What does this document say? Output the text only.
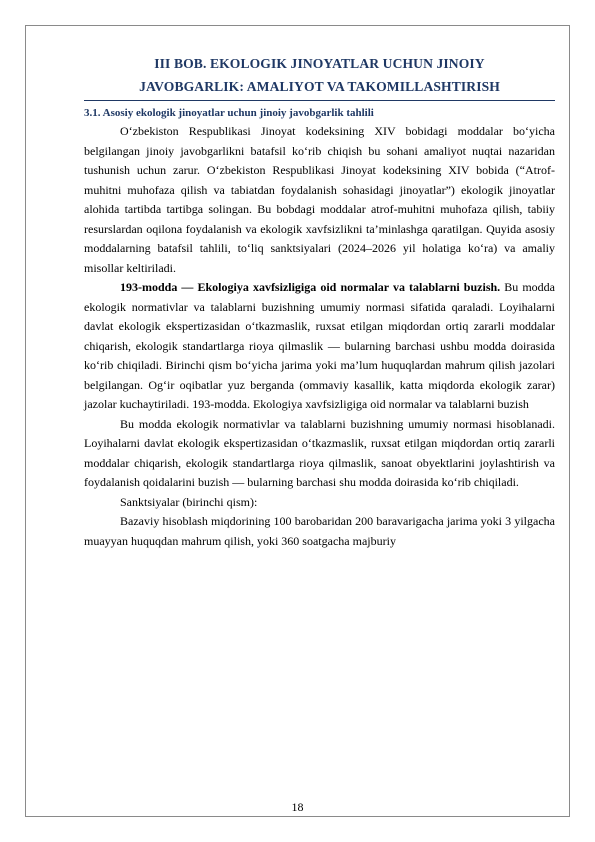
III BOB. EKOLOGIK JINOYATLAR UCHUN JINOIY
JAVOBGARLIK: AMALIYOT VA TAKOMILLASHTIRISH
3.1. Asosiy ekologik jinoyatlar uchun jinoiy javobgarlik tahlili

O‘zbekiston Respublikasi Jinoyat kodeksining XIV bobidagi moddalar bo‘yicha belgilangan jinoiy javobgarlikni batafsil ko‘rib chiqish bu sohani amaliyot nuqtai nazaridan tushunish uchun zarur. O‘zbekiston Respublikasi Jinoyat kodeksining XIV bobida (“Atrof-muhitni muhofaza qilish va tabiatdan foydalanish sohasidagi jinoyatlar”) ekologik jinoyatlar alohida tartibda tartibga solingan. Bu bobdagi moddalar atrof-muhitni muhofaza qilish, tabiiy resurslardan oqilona foydalanish va ekologik xavfsizlikni ta’minlashga qaratilgan. Quyida asosiy moddalarning batafsil tahlili, to‘liq sanktsiyalari (2024–2026 yil holatiga ko‘ra) va amaliy misollar keltiriladi.

193-modda — Ekologiya xavfsizligiga oid normalar va talablarni buzish. Bu modda ekologik normativlar va talablarni buzishning umumiy normasi sifatida qaraladi. Loyihalarni davlat ekologik ekspertizasidan o‘tkazmaslik, ruxsat etilgan miqdordan ortiq zararli moddalar chiqarish, ekologik standartlarga rioya qilmaslik — bularning barchasi ushbu modda doirasida ko‘rib chiqiladi. Birinchi qism bo‘yicha jarima yoki ma’lum huquqlardan mahrum qilish jazolari belgilangan. Og‘ir oqibatlar yuz berganda (ommaviy kasallik, katta miqdorda ekologik zarar) jazolar kuchaytiriladi. 193-modda. Ekologiya xavfsizligiga oid normalar va talablarni buzish

Bu modda ekologik normativlar va talablarni buzishning umumiy normasi hisoblanadi. Loyihalarni davlat ekologik ekspertizasidan o‘tkazmaslik, ruxsat etilgan miqdordan ortiq zararli moddalar chiqarish, ekologik standartlarga rioya qilmaslik, sanoat obyektlarini joylashtirish va foydalanish qoidalarini buzish — bularning barchasi shu modda doirasida ko‘rib chiqiladi.

Sanktsiyalar (birinchi qism):

Bazaviy hisoblash miqdorining 100 barobaridan 200 baravarigacha jarima yoki 3 yilgacha muayyan huquqdan mahrum qilish, yoki 360 soatgacha majburiy

18
